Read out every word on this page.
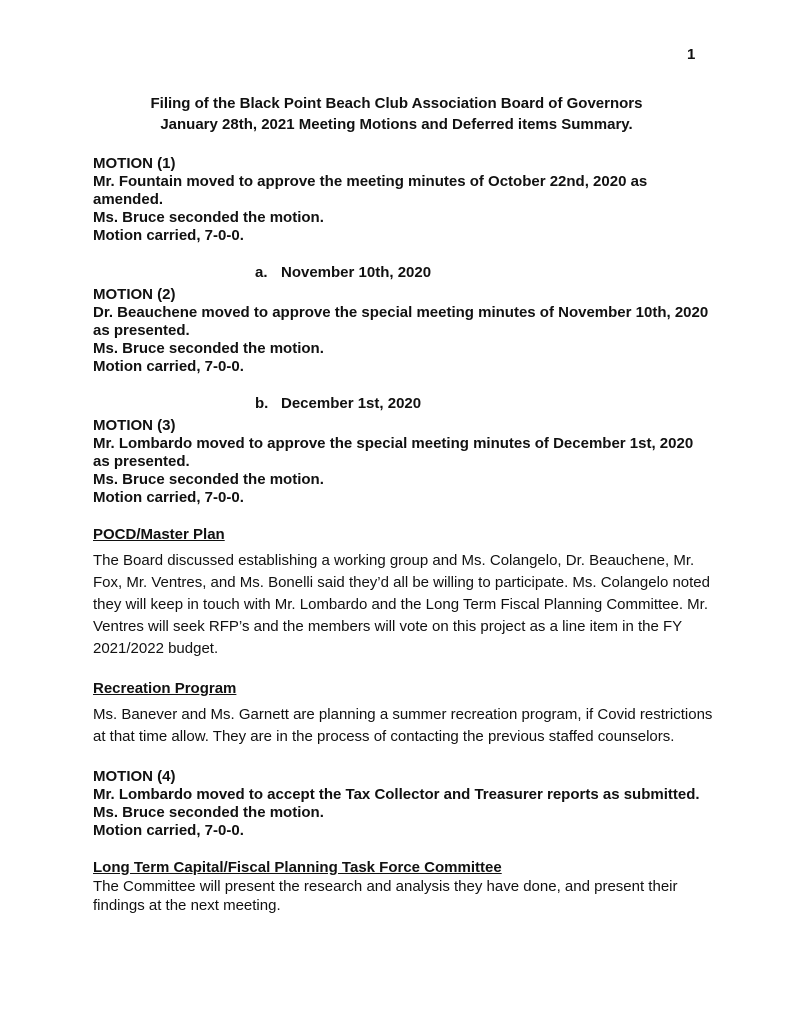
1
Filing of the Black Point Beach Club Association Board of Governors
January 28th, 2021 Meeting Motions and Deferred items Summary.

MOTION (1)

Mr. Fountain moved to approve the meeting minutes of October 22nd, 2020 as amended.

Ms. Bruce seconded the motion.

Motion carried, 7-0-0.

a. November 10th, 2020

MOTION (2)

Dr. Beauchene moved to approve the special meeting minutes of November 10th, 2020 as presented.

Ms. Bruce seconded the motion.

Motion carried, 7-0-0.

b. December 1st, 2020

MOTION (3)

Mr. Lombardo moved to approve the special meeting minutes of December 1st, 2020 as presented.

Ms. Bruce seconded the motion.

Motion carried, 7-0-0.

POCD/Master Plan

The Board discussed establishing a working group and Ms. Colangelo, Dr. Beauchene, Mr. Fox, Mr. Ventres, and Ms. Bonelli said they’d all be willing to participate. Ms. Colangelo noted they will keep in touch with Mr. Lombardo and the Long Term Fiscal Planning Committee. Mr. Ventres will seek RFP’s and the members will vote on this project as a line item in the FY 2021/2022 budget.

Recreation Program

Ms. Banever and Ms. Garnett are planning a summer recreation program, if Covid restrictions at that time allow. They are in the process of contacting the previous staffed counselors.

MOTION (4)

Mr. Lombardo moved to accept the Tax Collector and Treasurer reports as submitted.

Ms. Bruce seconded the motion.

Motion carried, 7-0-0.

Long Term Capital/Fiscal Planning Task Force Committee

The Committee will present the research and analysis they have done, and present their findings at the next meeting.
